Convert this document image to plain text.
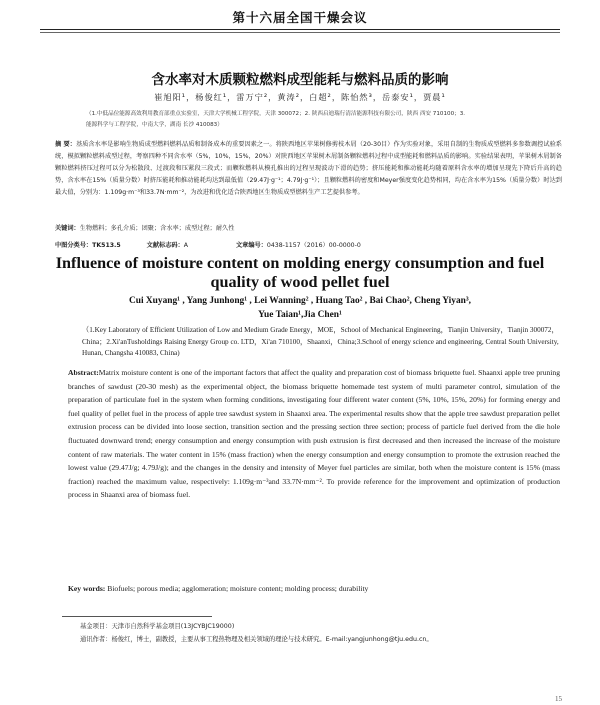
第十六届全国干燥会议
含水率对木质颗粒燃料成型能耗与燃料品质的影响
崔旭阳¹，杨俊红¹，雷万宁²，黄涛²，白超²，陈怡然³，岳泰安¹，贾晨¹
（1.中低品位能源高效利用教育部重点实验室，天津大学机械工程学院，天津 300072；2. 陕西启迪瑞行清洁能源科技有限公司，陕西 西安 710100；3.
能源科学与工程学院，中南大学，湖南 长沙 410083）
摘 要：基质含水率是影响生物质成型燃料燃料品质和制备成本的重要因素之一。将陕西地区苹果树修剪枝木屑（20-30目）作为实验对象，采用自制的生物质成型燃料多参数调控试验系统，模拟颗粒燃料成型过程，考察四种不同含水率（5%，10%，15%，20%）对陕西地区苹果树木屑制备颗粒燃料过程中成型能耗和燃料品质的影响。实验结果表明，苹果树木屑制备颗粒燃料挤压过程可以分为松散段、过渡段和压紧段三段式；而颗粒燃料从模孔推出的过程呈现波动下滑的趋势；挤压能耗和推动能耗均随着原料含水率的增加呈现先下降后升高的趋势，含水率在15%（质量分数）时挤压能耗和推动能耗均达到最低值（29.47J·g⁻¹；4.79J·g⁻¹）；且颗粒燃料的密度和Meyer强度变化趋势相同，均在含水率为15%（质量分数）时达到最大值，分别为：1.109g·m⁻³和33.7N·mm⁻²，为改进和优化适合陕西地区生物质成型燃料生产工艺提供参考。
关键词：生物燃料；多孔介质；团聚；含水率；成型过程；耐久性
中图分类号：TK513.5	文献标志码：A	文章编号：0438-1157（2016）00-0000-0
Influence of moisture content on molding energy consumption and fuel quality of wood pellet fuel
Cui Xuyang¹ , Yang Junhong¹ , Lei Wanning² , Huang Tao² , Bai Chao², Cheng Yiyan³,
Yue Taian¹,Jia Chen¹
（1.Key Laboratory of Efficient Utilization of Low and Medium Grade Energy，MOE，School of Mechanical Engineering，Tianjin University，Tianjin 300072，China；2.Xi'anTusholdings Raising Energy Group co. LTD，Xi'an 710100，Shaanxi，China;3.School of energy science and engineering, Central South University, Hunan, Changsha 410083, China)
Abstract:Matrix moisture content is one of the important factors that affect the quality and preparation cost of biomass briquette fuel. Shaanxi apple tree pruning branches of sawdust (20-30 mesh) as the experimental object, the biomass briquette homemade test system of multi parameter control, simulation of the preparation of particulate fuel in the system when forming conditions, investigating four different water content (5%, 10%, 15%, 20%) for forming energy and fuel quality of pellet fuel in the process of apple tree sawdust system in Shaanxi area. The experimental results show that the apple tree sawdust preparation pellet extrusion process can be divided into loose section, transition section and the pressing section three section; process of particle fuel derived from the die hole fluctuated downward trend; energy consumption and energy consumption with push extrusion is first decreased and then increased the increase of the moisture content of raw materials. The water content in 15% (mass fraction) when the energy consumption and energy consumption to promote the extrusion reached the lowest value (29.47J/g; 4.79J/g); and the changes in the density and intensity of Meyer fuel particles are similar, both when the moisture content is 15% (mass fraction) reached the maximum value, respectively: 1.109g·m⁻³and 33.7N·mm⁻². To provide reference for the improvement and optimization of production process in Shaanxi area of biomass fuel.
Key words: Biofuels; porous media; agglomeration; moisture content; molding process; durability
基金项目：天津市自然科学基金项目(13JCYBJC19000)
通讯作者：杨俊红，博士，副教授，主要从事工程热物理及相关领域的理论与技术研究。E-mail:yangjunhong@tju.edu.cn。
15
